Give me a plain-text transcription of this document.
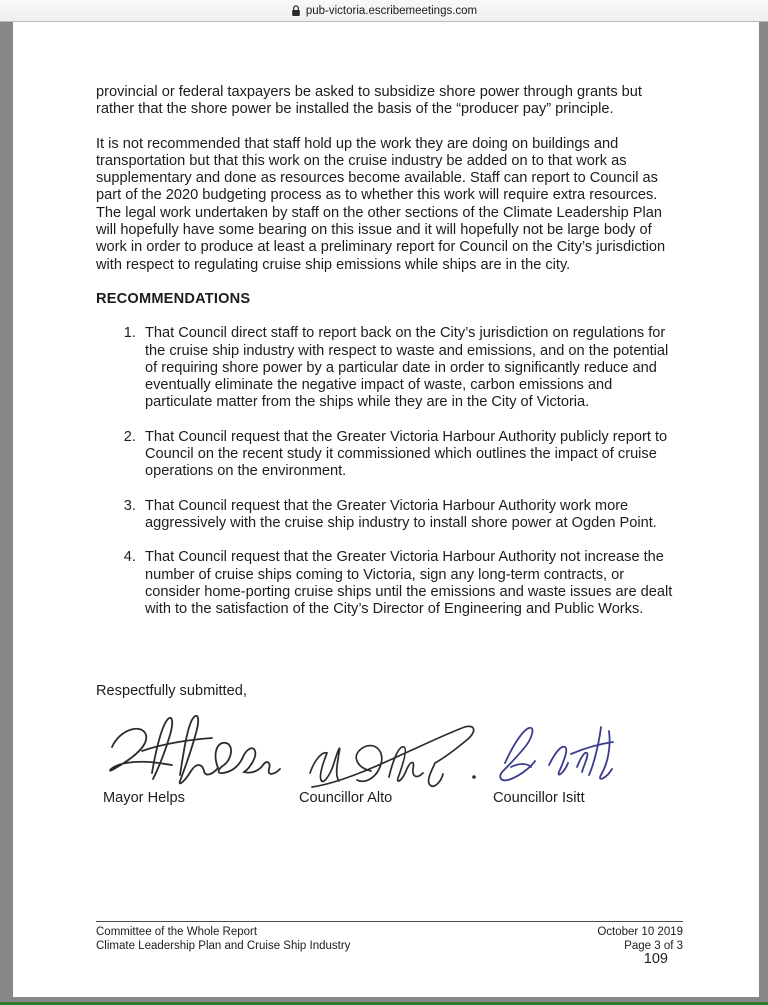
pub-victoria.escribemeetings.com

provincial or federal taxpayers be asked to subsidize shore power through grants but rather that the shore power be installed the basis of the “producer pay” principle.

It is not recommended that staff hold up the work they are doing on buildings and transportation but that this work on the cruise industry be added on to that work as supplementary and done as resources become available. Staff can report to Council as part of the 2020 budgeting process as to whether this work will require extra resources. The legal work undertaken by staff on the other sections of the Climate Leadership Plan will hopefully have some bearing on this issue and it will hopefully not be large body of work in order to produce at least a preliminary report for Council on the City’s jurisdiction with respect to regulating cruise ship emissions while ships are in the city.

RECOMMENDATIONS
1. That Council direct staff to report back on the City’s jurisdiction on regulations for the cruise ship industry with respect to waste and emissions, and on the potential of requiring shore power by a particular date in order to significantly reduce and eventually eliminate the negative impact of waste, carbon emissions and particulate matter from the ships while they are in the City of Victoria.
2. That Council request that the Greater Victoria Harbour Authority publicly report to Council on the recent study it commissioned which outlines the impact of cruise operations on the environment.
3. That Council request that the Greater Victoria Harbour Authority work more aggressively with the cruise ship industry to install shore power at Ogden Point.
4. That Council request that the Greater Victoria Harbour Authority not increase the number of cruise ships coming to Victoria, sign any long-term contracts, or consider home-porting cruise ships until the emissions and waste issues are dealt with to the satisfaction of the City’s Director of Engineering and Public Works.
Respectfully submitted,
Mayor Helps	Councillor Alto	Councillor Isitt
Committee of the Whole Report
Climate Leadership Plan and Cruise Ship Industry
October 10 2019
Page 3 of 3
109
